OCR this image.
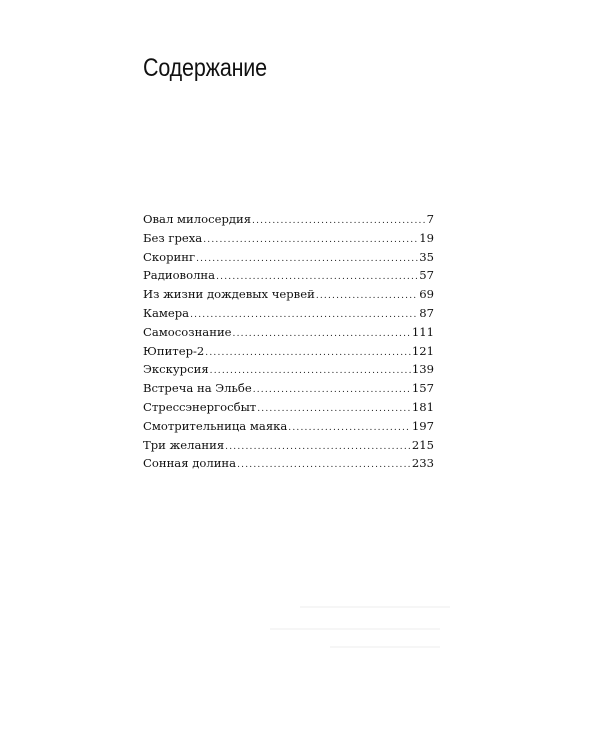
Содержание
Овал милосердия .....	7
Без греха .....	19
Скоринг .....	35
Радиоволна .....	57
Из жизни дождевых червей .....	69
Камера .....	87
Самосознание .....	111
Юпитер-2 .....	121
Экскурсия .....	139
Встреча на Эльбе .....	157
Стрессэнергосбыт .....	181
Смотрительница маяка .....	197
Три желания .....	215
Сонная долина .....	233
